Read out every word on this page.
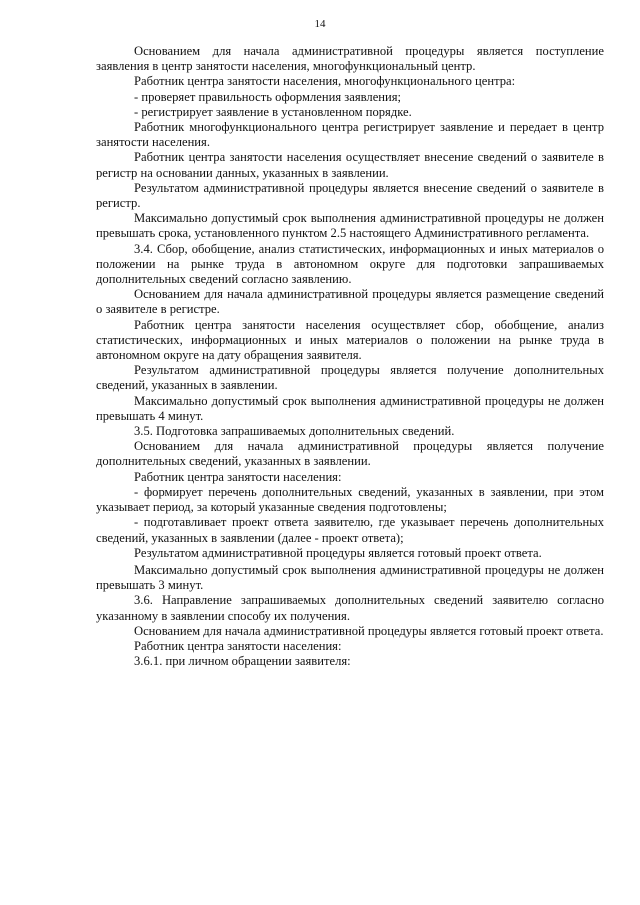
14

Основанием для начала административной процедуры является поступление заявления в центр занятости населения, многофункциональный центр.

Работник центра занятости населения, многофункционального центра:

- проверяет правильность оформления заявления;

- регистрирует заявление в установленном порядке.

Работник многофункционального центра регистрирует заявление и передает в центр занятости населения.

Работник центра занятости населения осуществляет внесение сведений о заявителе в регистр на основании данных, указанных в заявлении.

Результатом административной процедуры является внесение сведений о заявителе в регистр.

Максимально допустимый срок выполнения административной процедуры не должен превышать срока, установленного пунктом 2.5 настоящего Административного регламента.

3.4. Сбор, обобщение, анализ статистических, информационных и иных материалов о положении на рынке труда в автономном округе для подготовки запрашиваемых дополнительных сведений согласно заявлению.

Основанием для начала административной процедуры является размещение сведений о заявителе в регистре.

Работник центра занятости населения осуществляет сбор, обобщение, анализ статистических, информационных и иных материалов о положении на рынке труда в автономном округе на дату обращения заявителя.

Результатом административной процедуры является получение дополнительных сведений, указанных в заявлении.

Максимально допустимый срок выполнения административной процедуры не должен превышать 4 минут.

3.5. Подготовка запрашиваемых дополнительных сведений.

Основанием для начала административной процедуры является получение дополнительных сведений, указанных в заявлении.

Работник центра занятости населения:

- формирует перечень дополнительных сведений, указанных в заявлении, при этом указывает период, за который указанные сведения подготовлены;

- подготавливает проект ответа заявителю, где указывает перечень дополнительных сведений, указанных в заявлении (далее - проект ответа);

Результатом административной процедуры является готовый проект ответа.

Максимально допустимый срок выполнения административной процедуры не должен превышать 3 минут.

3.6. Направление запрашиваемых дополнительных сведений заявителю согласно указанному в заявлении способу их получения.

Основанием для начала административной процедуры является готовый проект ответа.

Работник центра занятости населения:

3.6.1. при личном обращении заявителя:
